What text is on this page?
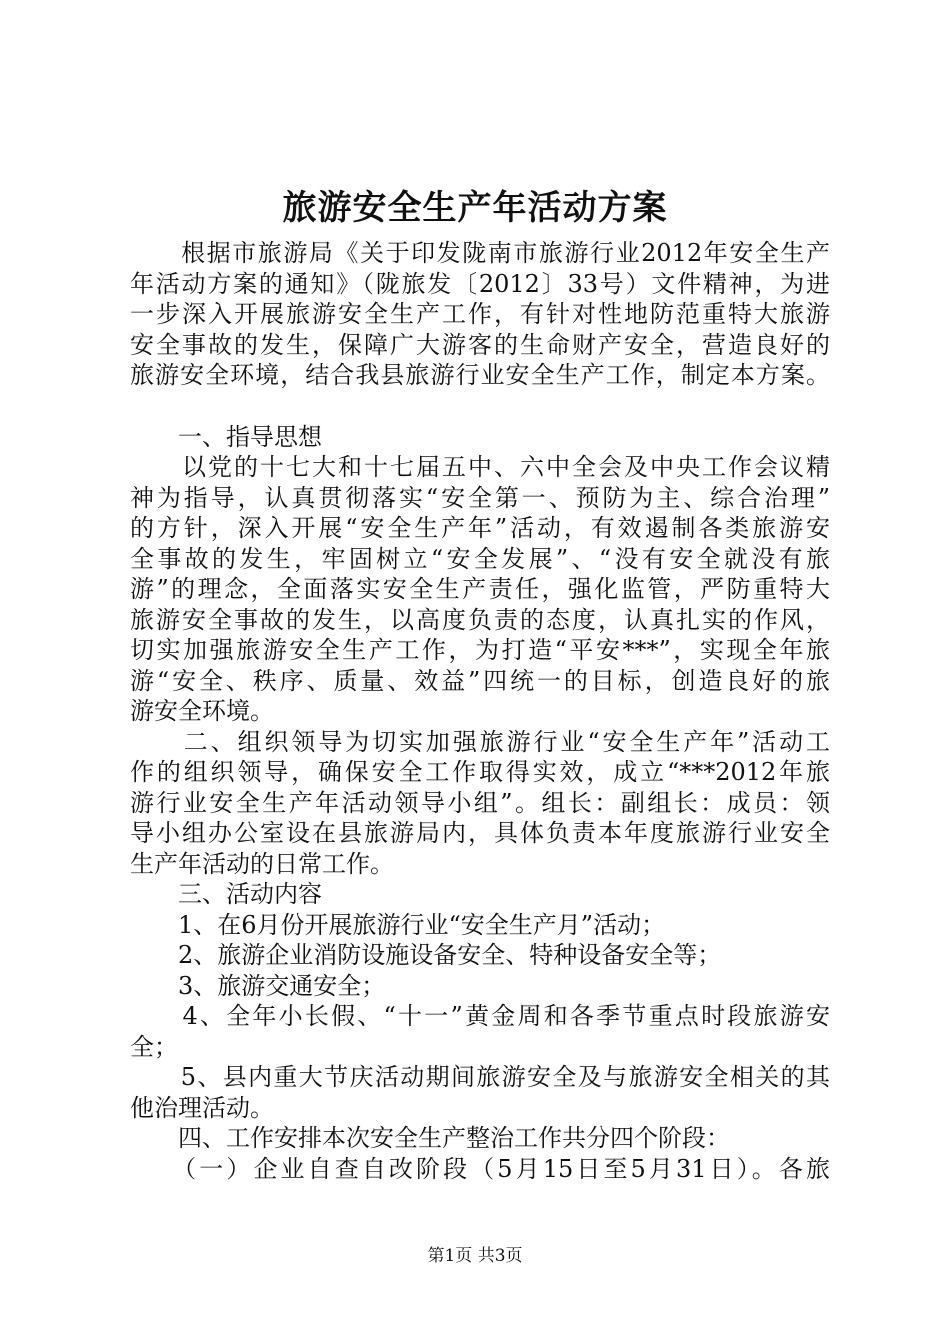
旅游安全生产年活动方案
　　根据市旅游局《关于印发陇南市旅游行业2012年安全生产
年活动方案的通知》（陇旅发〔2012〕33号）文件精神，为进
一步深入开展旅游安全生产工作，有针对性地防范重特大旅游
安全事故的发生，保障广大游客的生命财产安全，营造良好的
旅游安全环境，结合我县旅游行业安全生产工作，制定本方案。
　　一、指导思想
　　以党的十七大和十七届五中、六中全会及中央工作会议精
神为指导，认真贯彻落实“安全第一、预防为主、综合治理”
的方针，深入开展“安全生产年”活动，有效遏制各类旅游安
全事故的发生，牢固树立“安全发展”、“没有安全就没有旅
游”的理念，全面落实安全生产责任，强化监管，严防重特大
旅游安全事故的发生，以高度负责的态度，认真扎实的作风，
切实加强旅游安全生产工作，为打造“平安***”，实现全年旅
游“安全、秩序、质量、效益”四统一的目标，创造良好的旅
游安全环境。
　　二、组织领导为切实加强旅游行业“安全生产年”活动工
作的组织领导，确保安全工作取得实效，成立“***2012年旅
游行业安全生产年活动领导小组”。组长：副组长：成员：领
导小组办公室设在县旅游局内，具体负责本年度旅游行业安全
生产年活动的日常工作。
　　三、活动内容
　　1、在6月份开展旅游行业“安全生产月”活动；
　　2、旅游企业消防设施设备安全、特种设备安全等；
　　3、旅游交通安全；
　　4、全年小长假、“十一”黄金周和各季节重点时段旅游安
全；
　　5、县内重大节庆活动期间旅游安全及与旅游安全相关的其
他治理活动。
　　四、工作安排本次安全生产整治工作共分四个阶段：
　　（一）企业自查自改阶段（5月15日至5月31日）。各旅
第1页 共3页
